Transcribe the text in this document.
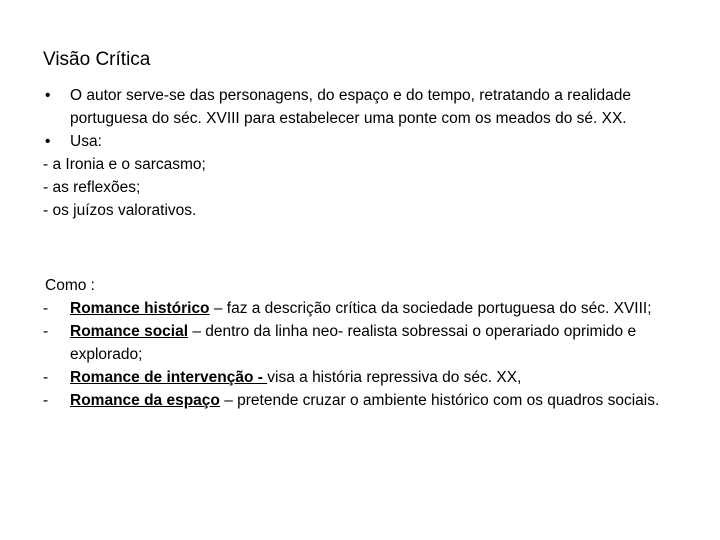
Visão Crítica
•	O autor serve-se das personagens, do espaço e do tempo, retratando a realidade portuguesa do séc. XVIII para estabelecer uma ponte com os meados do sé. XX.
•	Usa:
- a Ironia e o sarcasmo;
- as reflexões;
- os juízos valorativos.
Como :
-	Romance histórico – faz a descrição crítica da sociedade portuguesa do séc. XVIII;
-	Romance social – dentro da linha neo- realista sobressai o operariado oprimido e explorado;
-	Romance de intervenção - visa a história repressiva do séc. XX,
-	Romance da espaço – pretende cruzar o ambiente histórico com os quadros sociais.
